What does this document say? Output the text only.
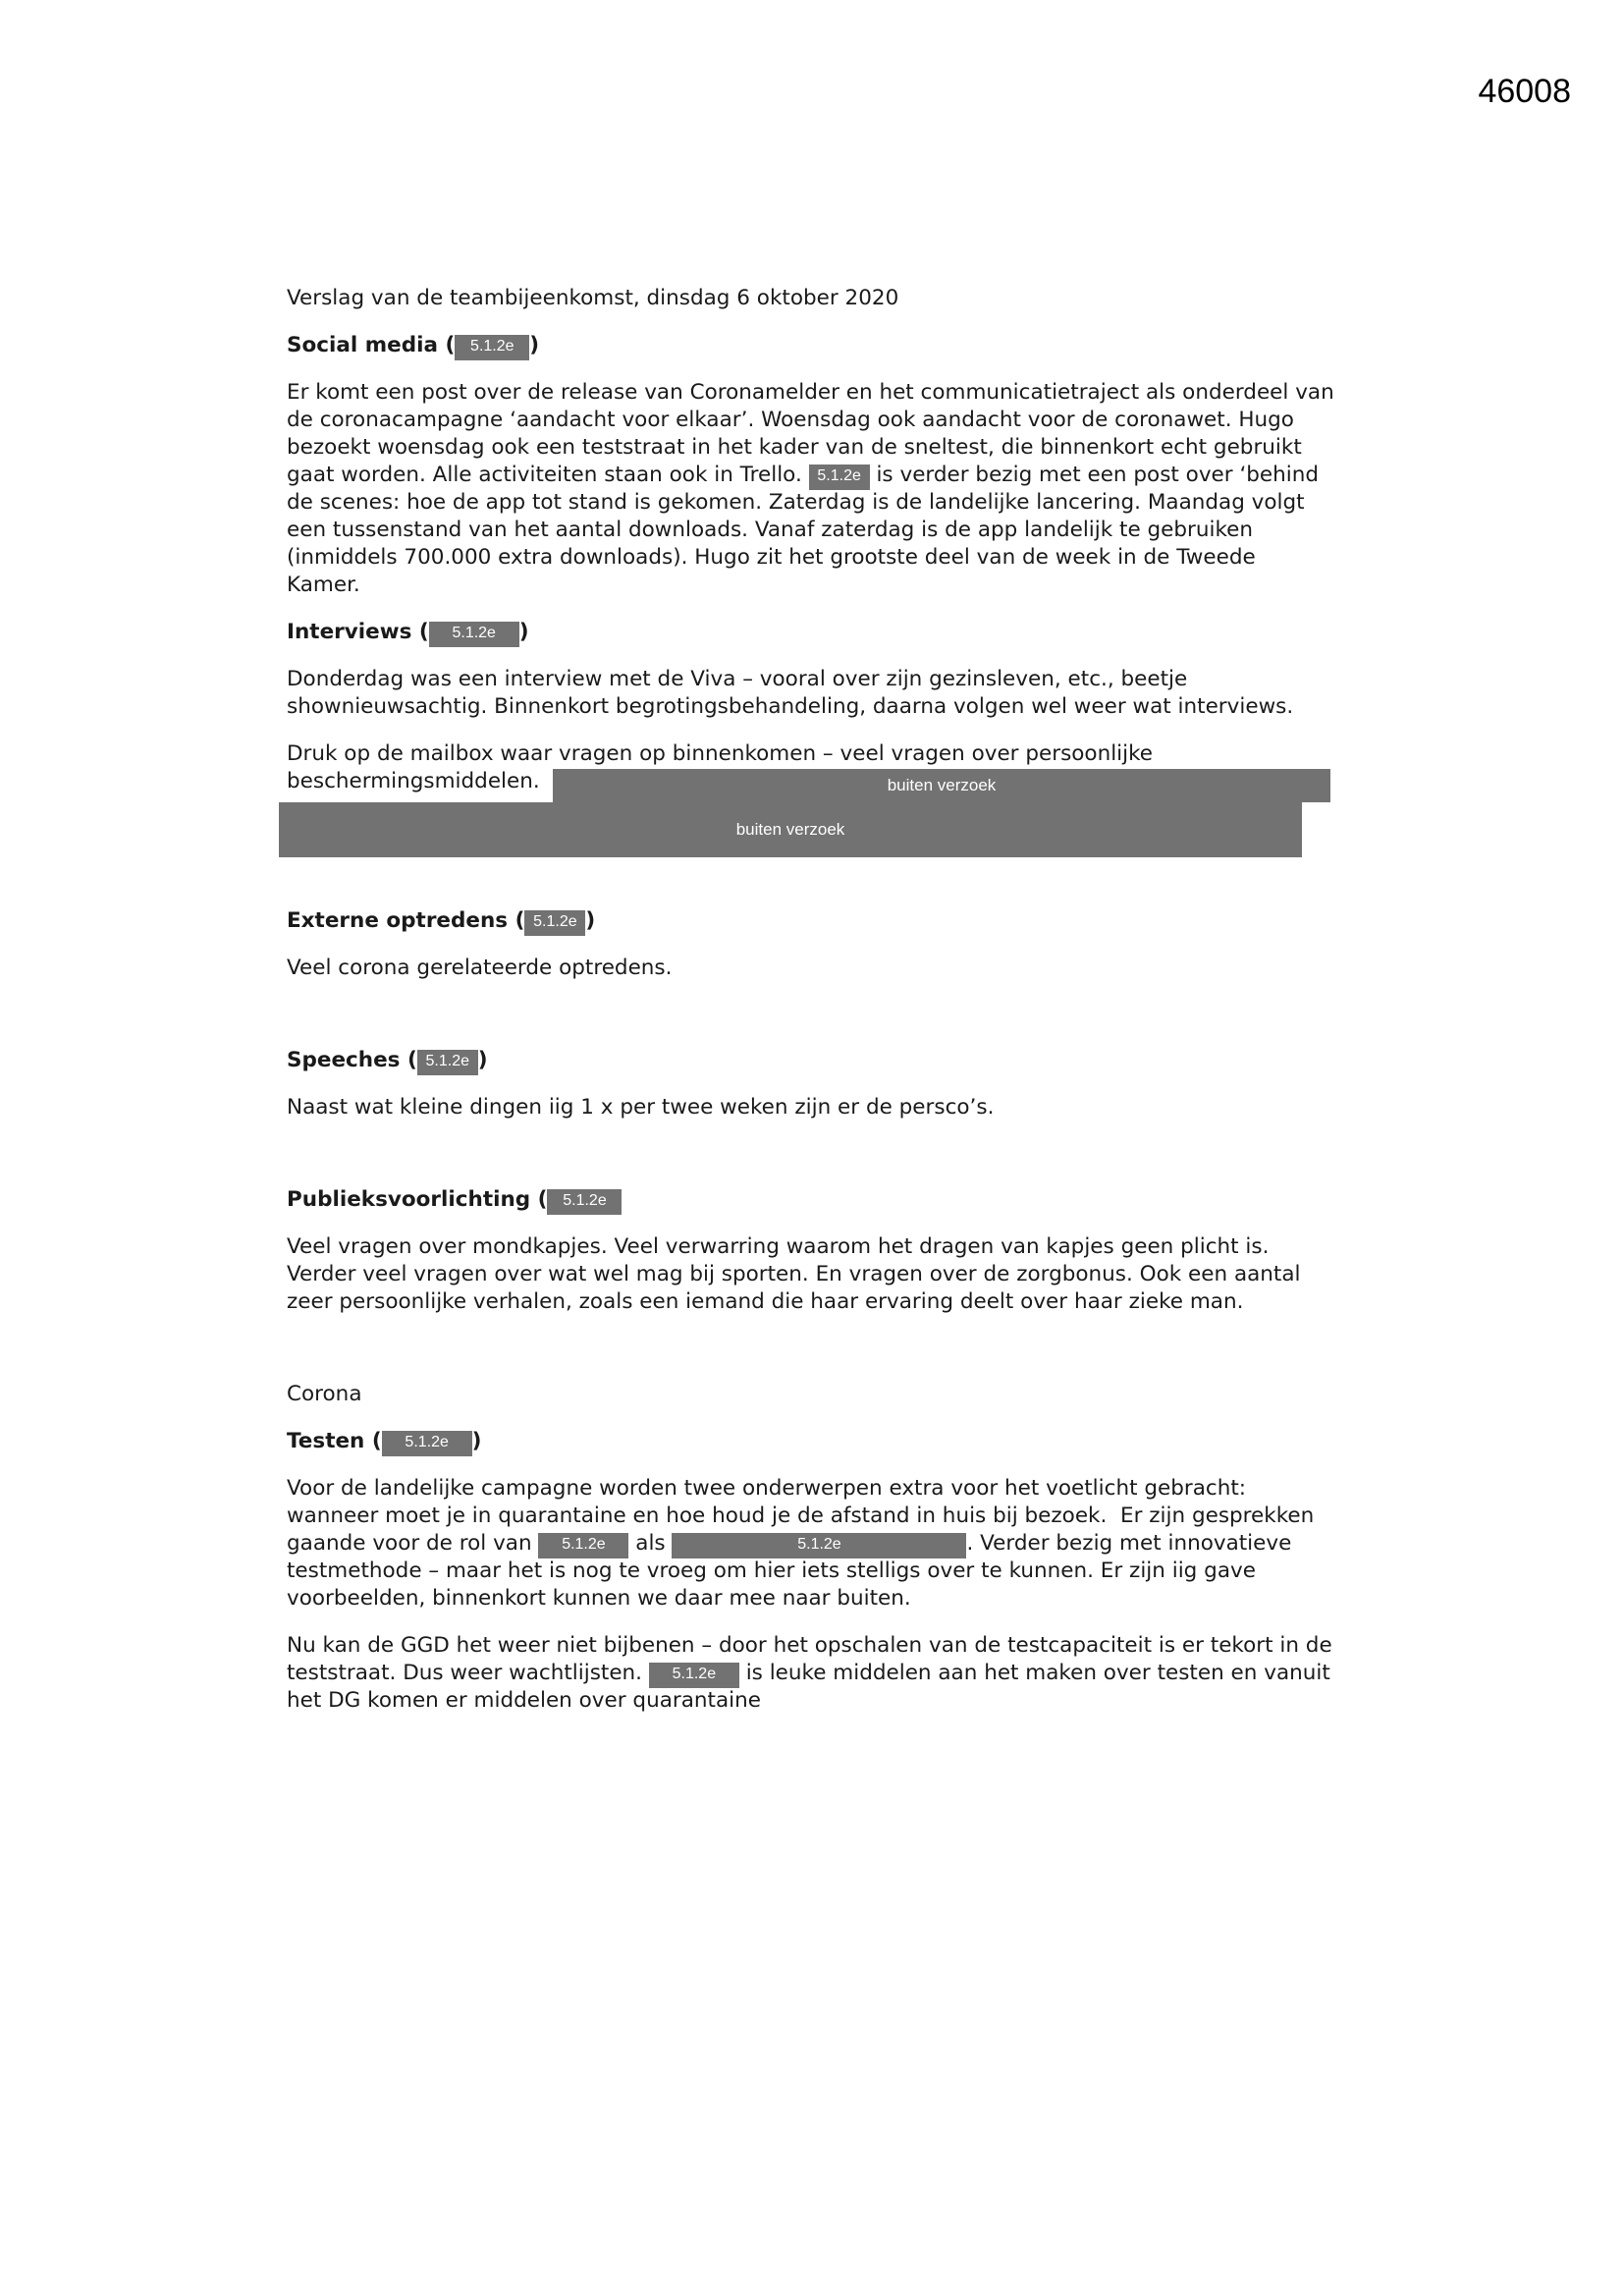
46008
Verslag van de teambijeenkomst, dinsdag 6 oktober 2020
Social media ( 5.1.2e )
Er komt een post over de release van Coronamelder en het communicatietraject als onderdeel van
de coronacampagne ‘aandacht voor elkaar’. Woensdag ook aandacht voor de coronawet. Hugo
bezoekt woensdag ook een teststraat in het kader van de sneltest, die binnenkort echt gebruikt
gaat worden. Alle activiteiten staan ook in Trello. 5.1.2e is verder bezig met een post over ‘behind
de scenes: hoe de app tot stand is gekomen. Zaterdag is de landelijke lancering. Maandag volgt
een tussenstand van het aantal downloads. Vanaf zaterdag is de app landelijk te gebruiken
(inmiddels 700.000 extra downloads). Hugo zit het grootste deel van de week in de Tweede
Kamer.
Interviews ( 5.1.2e )
Donderdag was een interview met de Viva – vooral over zijn gezinsleven, etc., beetje
shownieuwsachtig. Binnenkort begrotingsbehandeling, daarna volgen wel weer wat interviews.
Druk op de mailbox waar vragen op binnenkomen – veel vragen over persoonlijke
beschermingsmiddelen.
Externe optredens ( 5.1.2e )
Veel corona gerelateerde optredens.
Speeches ( 5.1.2e )
Naast wat kleine dingen iig 1 x per twee weken zijn er de persco’s.
Publieksvoorlichting ( 5.1.2e
Veel vragen over mondkapjes. Veel verwarring waarom het dragen van kapjes geen plicht is.
Verder veel vragen over wat wel mag bij sporten. En vragen over de zorgbonus. Ook een aantal
zeer persoonlijke verhalen, zoals een iemand die haar ervaring deelt over haar zieke man.
Corona
Testen ( 5.1.2e )
Voor de landelijke campagne worden twee onderwerpen extra voor het voetlicht gebracht:
wanneer moet je in quarantaine en hoe houd je de afstand in huis bij bezoek.  Er zijn gesprekken
gaande voor de rol van 5.1.2e als	5.1.2e	. Verder bezig met innovatieve
testmethode – maar het is nog te vroeg om hier iets stelligs over te kunnen. Er zijn iig gave
voorbeelden, binnenkort kunnen we daar mee naar buiten.
Nu kan de GGD het weer niet bijbenen – door het opschalen van de testcapaciteit is er tekort in de
teststraat. Dus weer wachtlijsten. 5.1.2e is leuke middelen aan het maken over testen en vanuit
het DG komen er middelen over quarantaine
buiten verzoek
buiten verzoek
